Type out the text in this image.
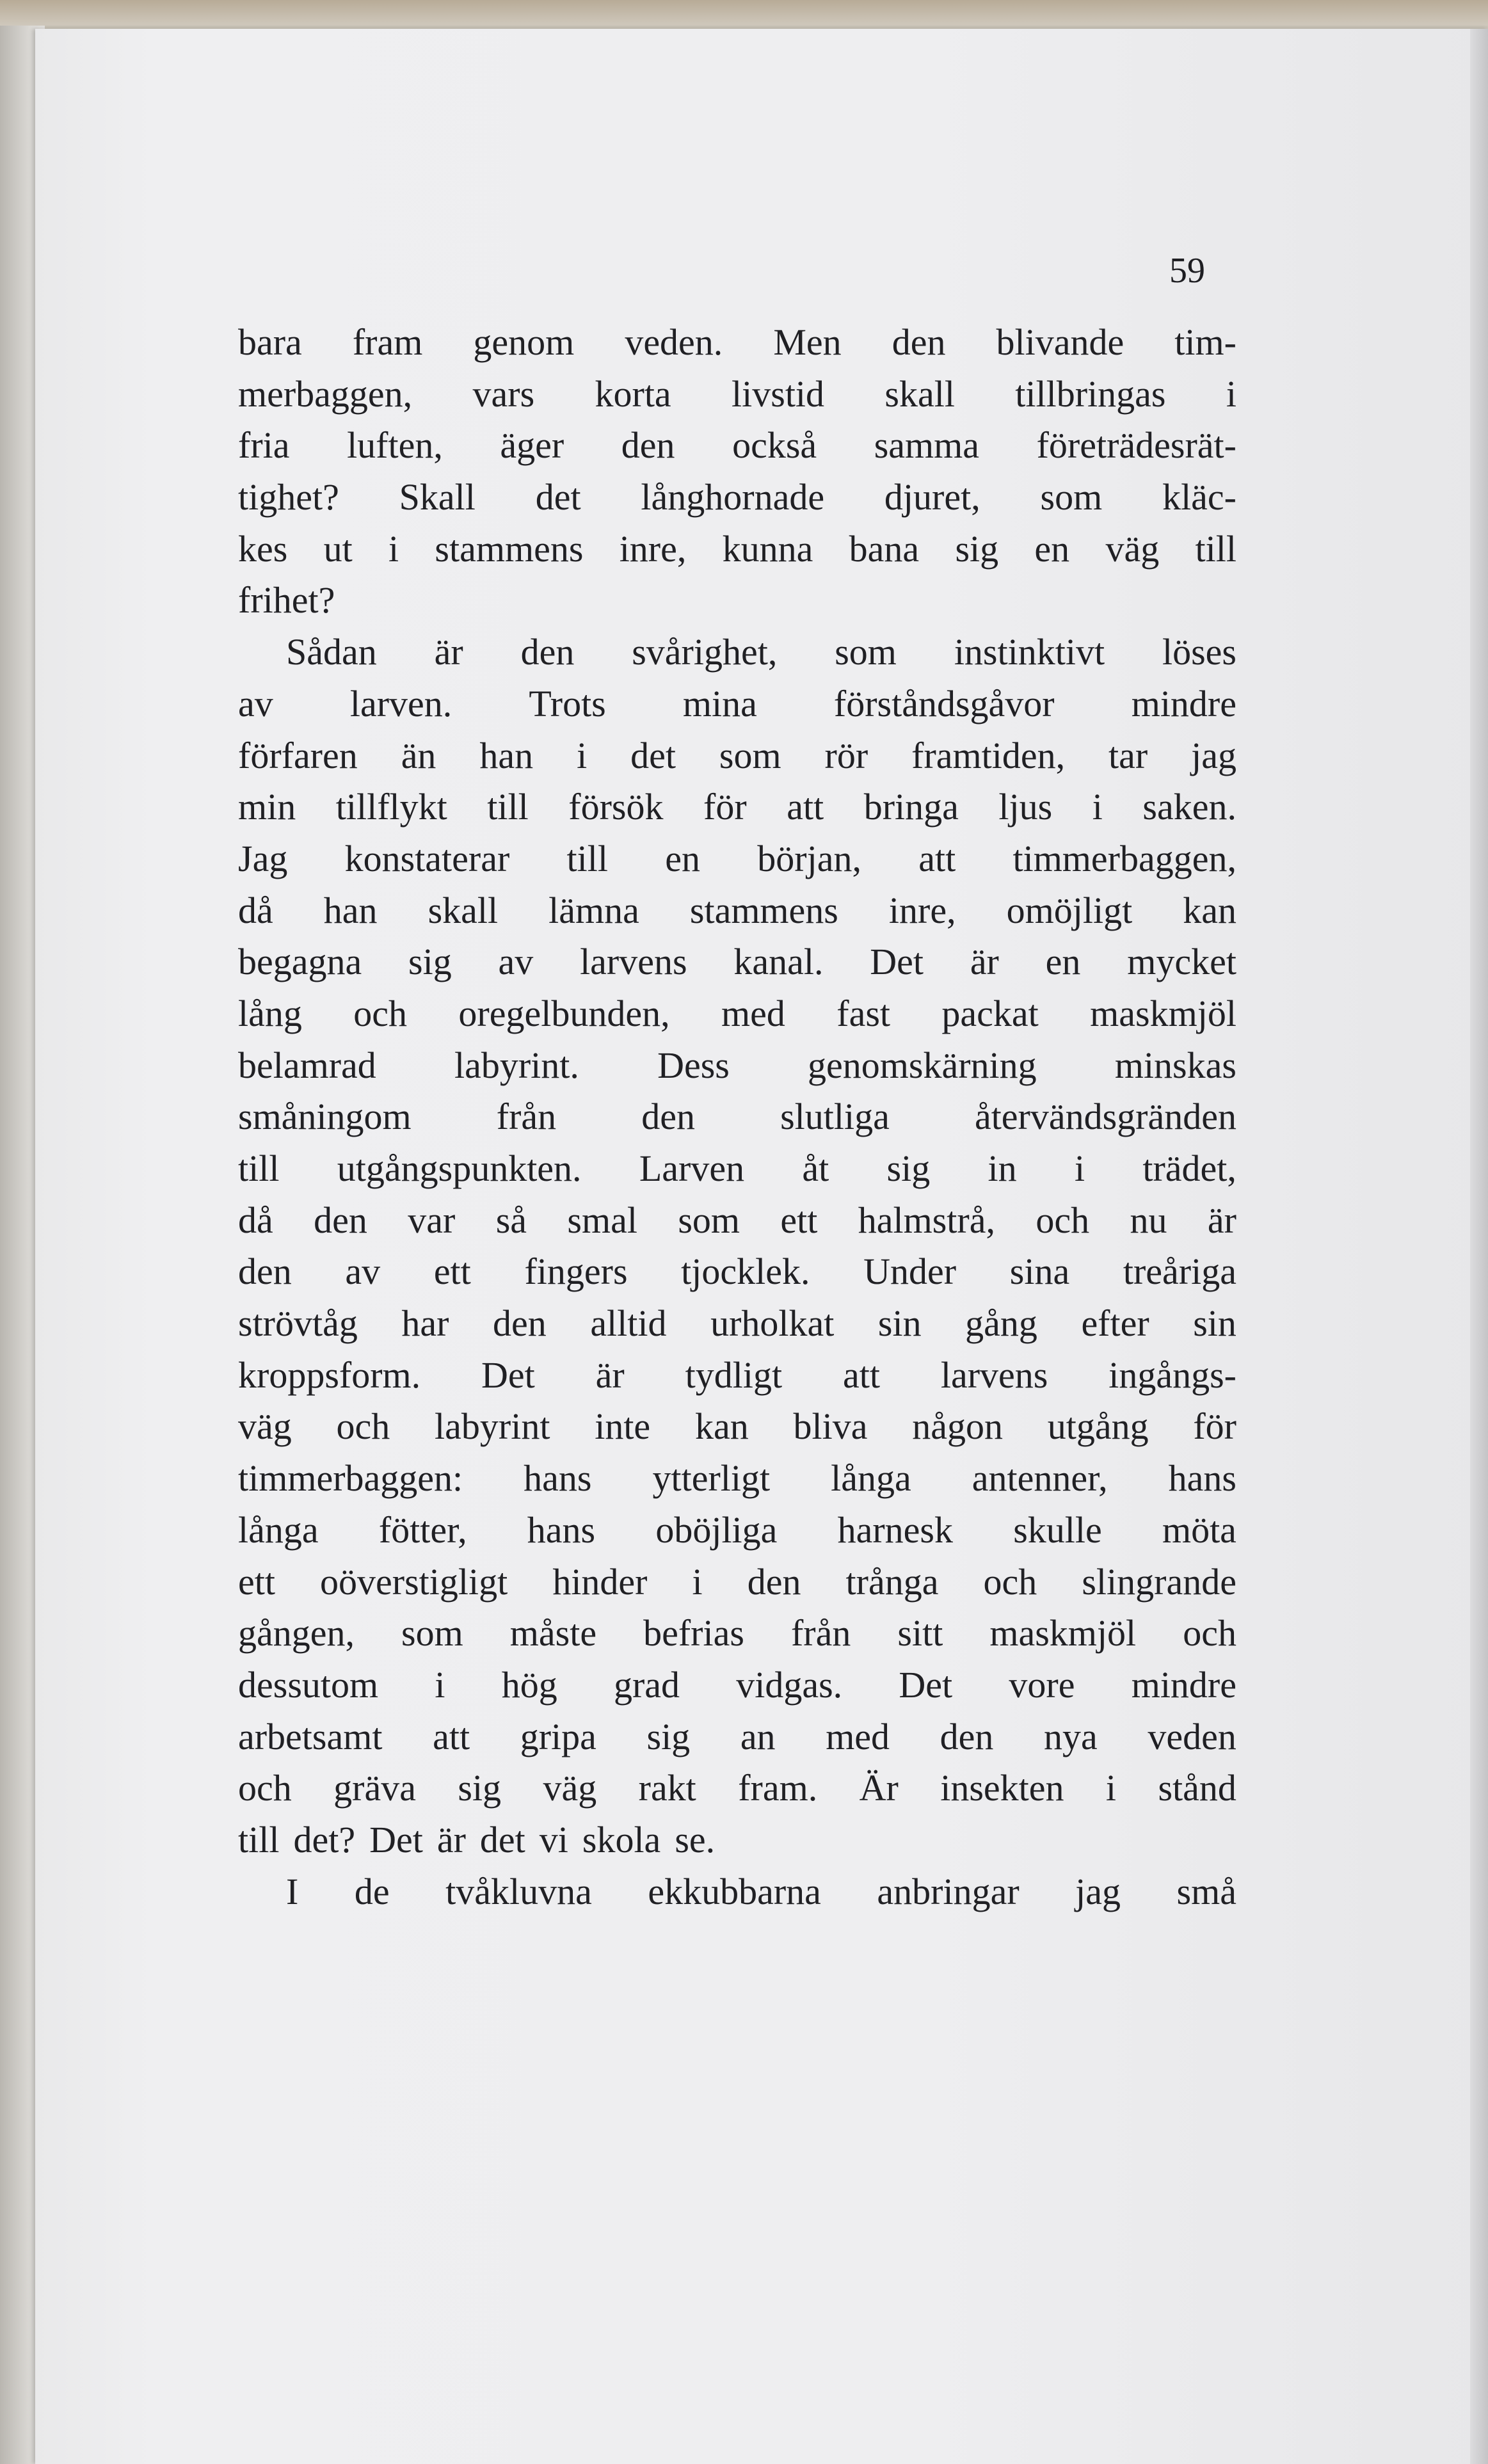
59
bara fram genom veden. Men den blivande tim-
merbaggen, vars korta livstid skall tillbringas i
fria luften, äger den också samma företrädesrät-
tighet? Skall det långhornade djuret, som kläc-
kes ut i stammens inre, kunna bana sig en väg till
frihet?
Sådan är den svårighet, som instinktivt löses
av larven. Trots mina förståndsgåvor mindre
förfaren än han i det som rör framtiden, tar jag
min tillflykt till försök för att bringa ljus i saken.
Jag konstaterar till en början, att timmerbaggen,
då han skall lämna stammens inre, omöjligt kan
begagna sig av larvens kanal. Det är en mycket
lång och oregelbunden, med fast packat maskmjöl
belamrad labyrint. Dess genomskärning minskas
småningom från den slutliga återvändsgränden
till utgångspunkten. Larven åt sig in i trädet,
då den var så smal som ett halmstrå, och nu är
den av ett fingers tjocklek. Under sina treåriga
strövtåg har den alltid urholkat sin gång efter sin
kroppsform. Det är tydligt att larvens ingångs-
väg och labyrint inte kan bliva någon utgång för
timmerbaggen: hans ytterligt långa antenner, hans
långa fötter, hans oböjliga harnesk skulle möta
ett oöverstigligt hinder i den trånga och slingrande
gången, som måste befrias från sitt maskmjöl och
dessutom i hög grad vidgas. Det vore mindre
arbetsamt att gripa sig an med den nya veden
och gräva sig väg rakt fram. Är insekten i stånd
till det? Det är det vi skola se.
I de tvåkluvna ekkubbarna anbringar jag små
